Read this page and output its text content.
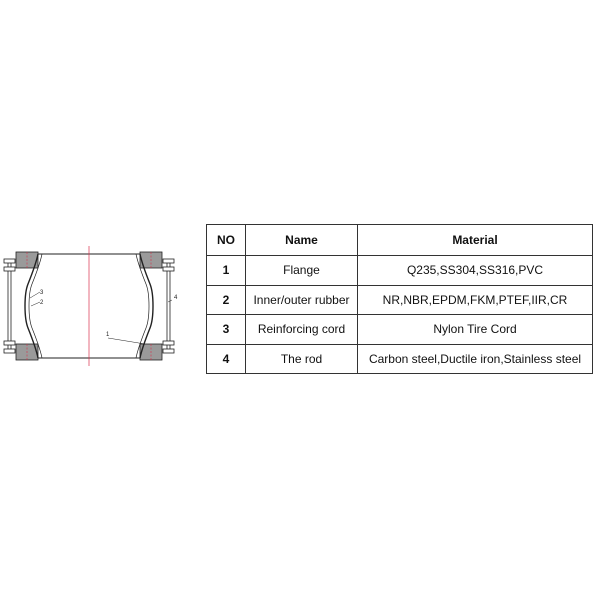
3
2
1
4
NO	Name	Material
1	Flange	Q235,SS304,SS316,PVC
2	Inner/outer rubber	NR,NBR,EPDM,FKM,PTEF,IIR,CR
3	Reinforcing cord	Nylon Tire Cord
4	The rod	Carbon steel,Ductile iron,Stainless steel
